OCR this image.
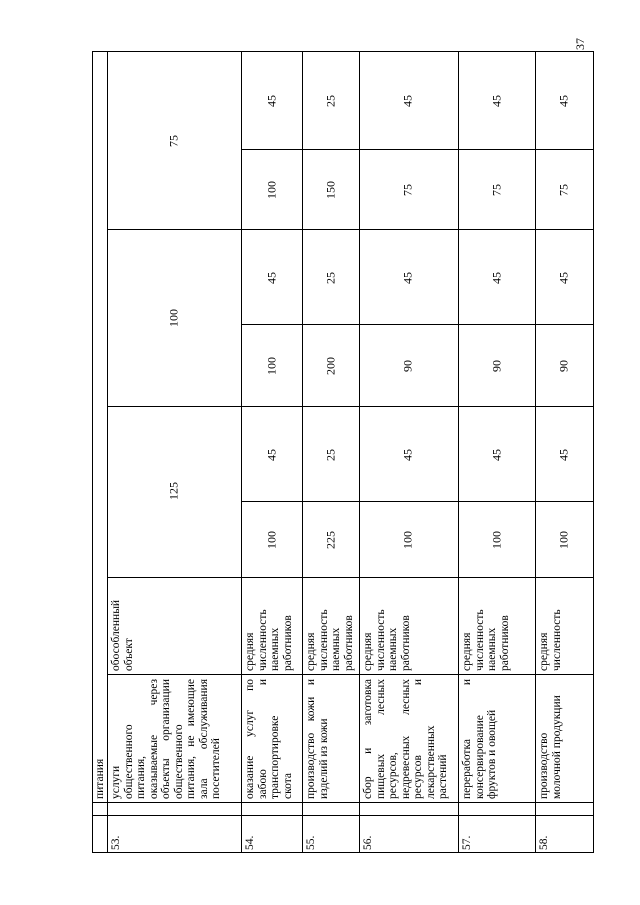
37
питания
125
100
75
53.
услуги общественного питания, оказываемые через объекты организации общественного питания, не имеющие зала обслуживания посетителей
обособленный объект
54.
оказание услуг по забою и транспортировке скота
средняя численность наемных работников
100
45
100
45
100
45
55.
производство кожи и изделий из кожи
средняя численность наемных работников
225
25
200
25
150
25
56.
сбор и заготовка пищевых лесных ресурсов, недревесных лесных ресурсов и лекарственных растений
средняя численность наемных работников
100
45
90
45
75
45
57.
переработка и консервирование фруктов и овощей
средняя численность наемных работников
100
45
90
45
75
45
58.
производство молочной продукции
средняя численность
100
45
90
45
75
45
